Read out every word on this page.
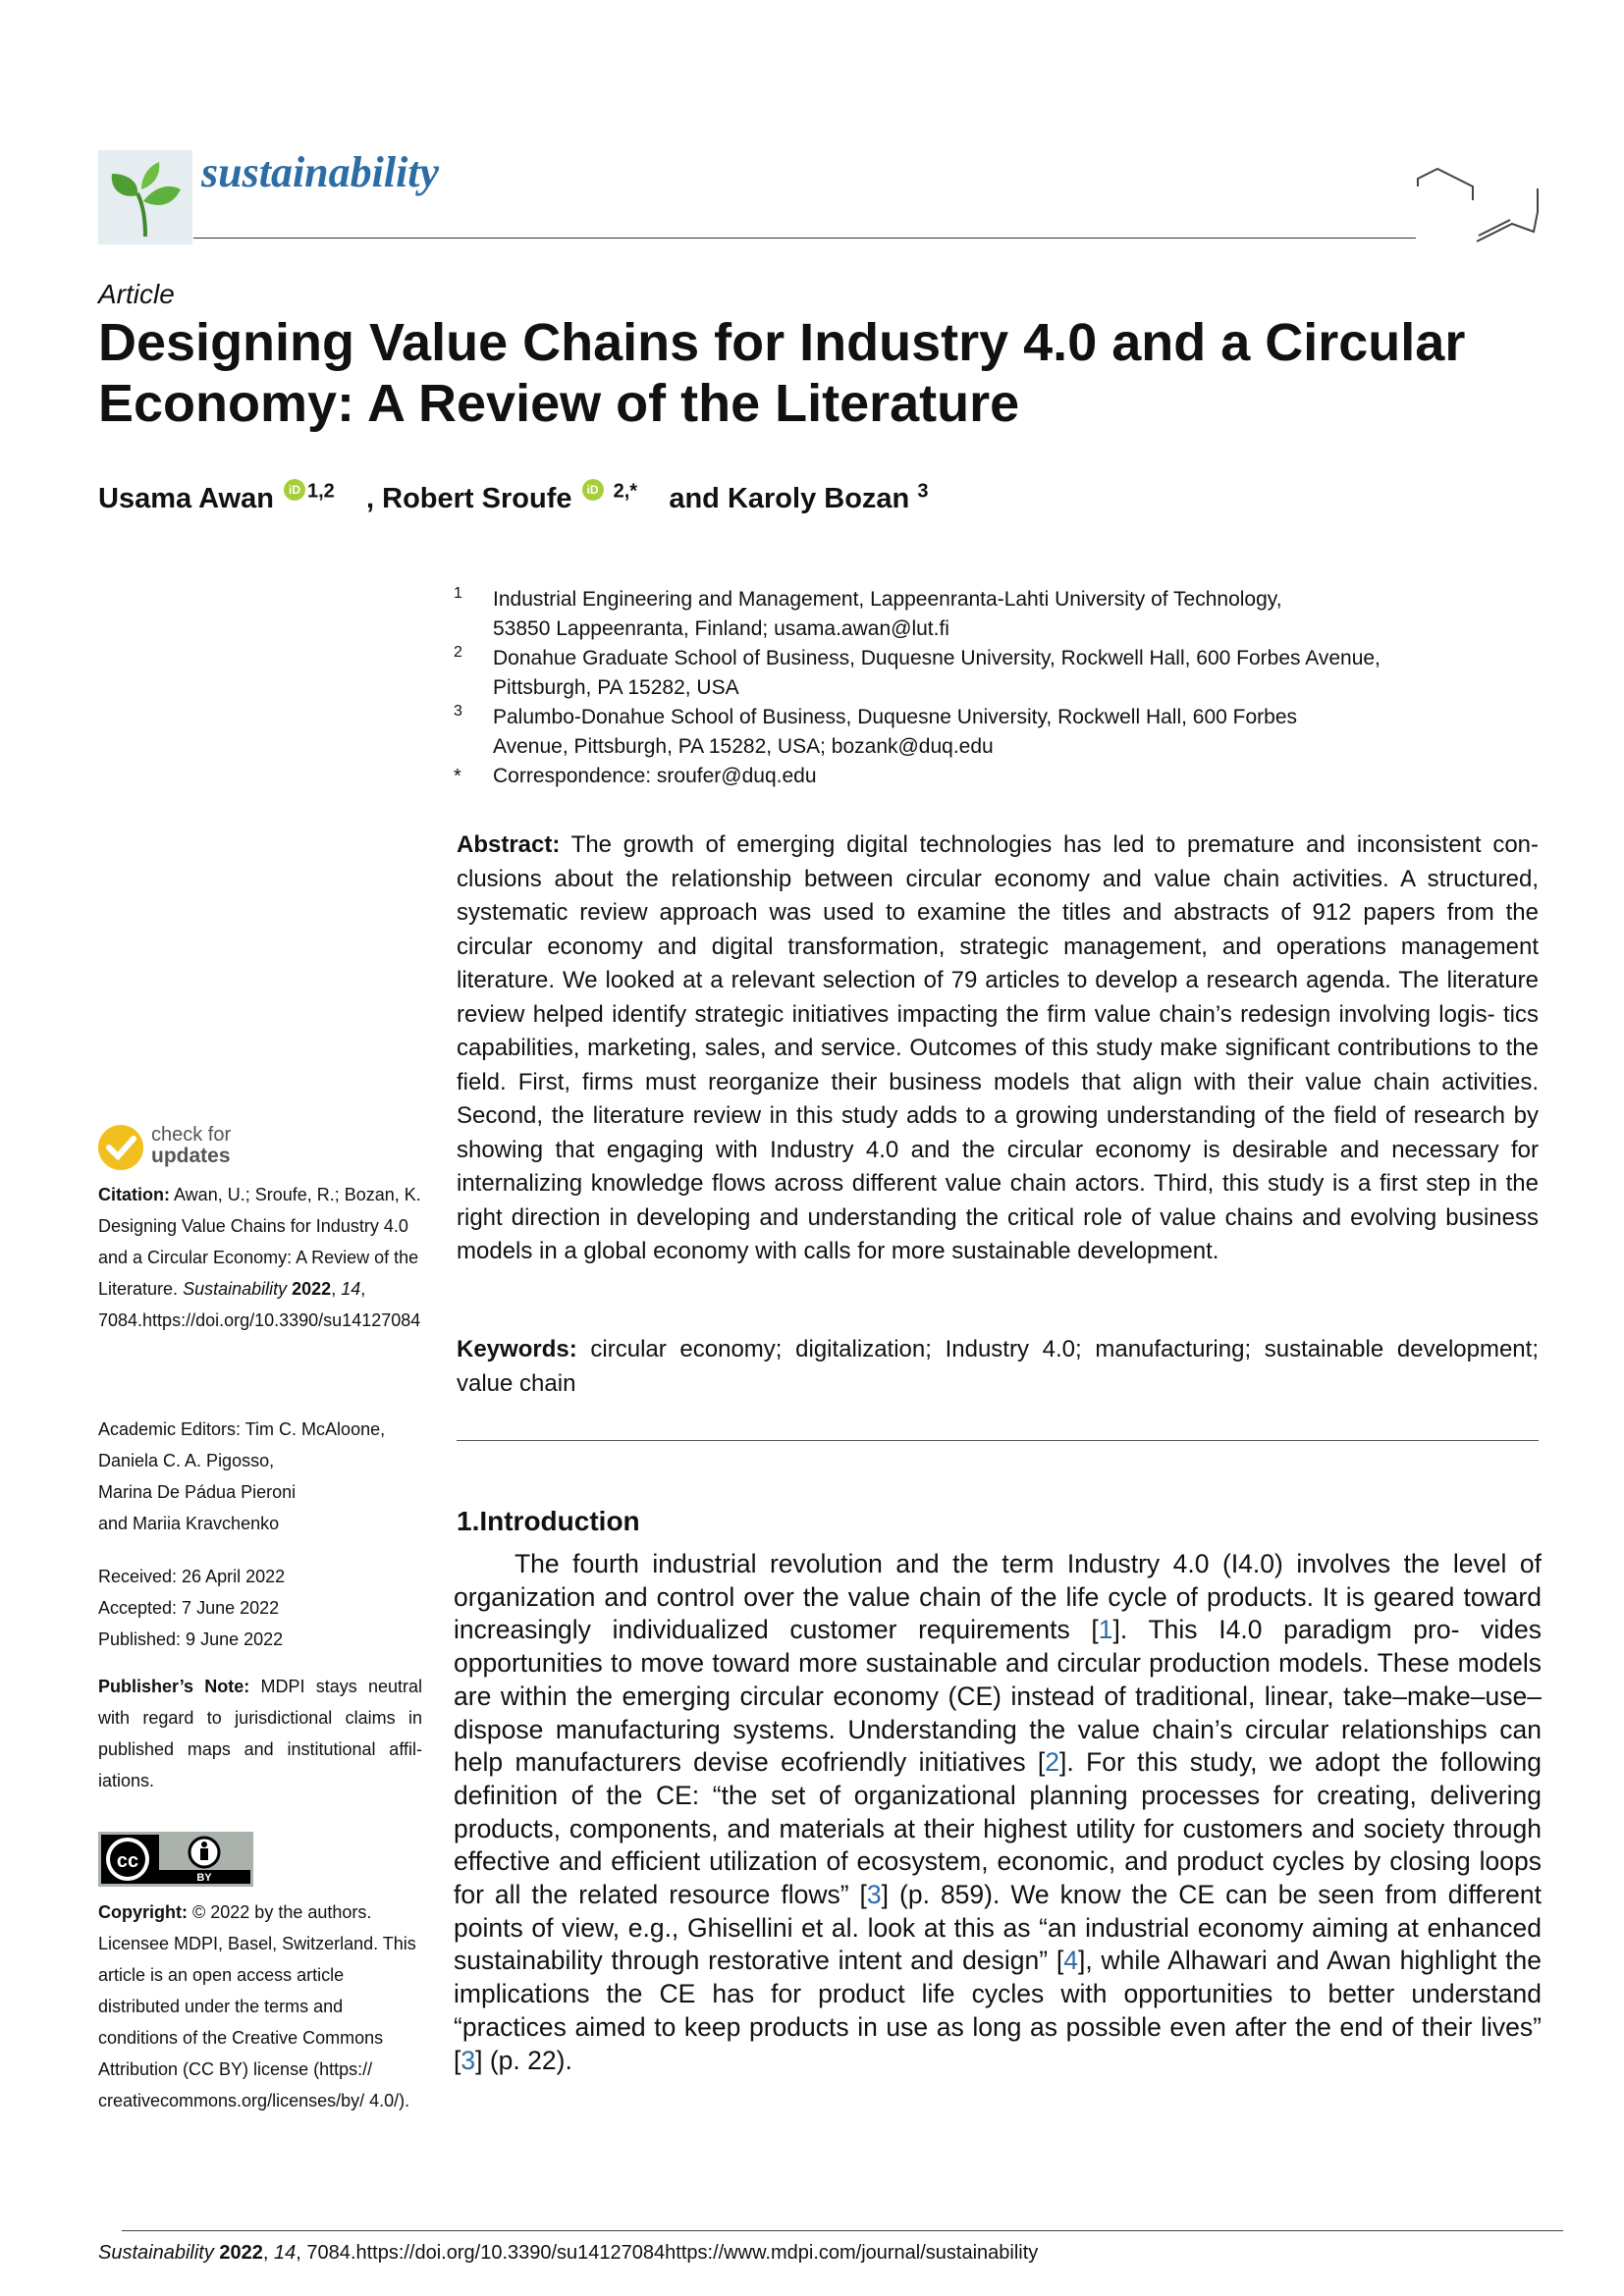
sustainability
Article
Designing Value Chains for Industry 4.0 and a Circular Economy: A Review of the Literature
Usama Awan iD $^{1,2}$ , Robert Sroufe iD $^{2,*}$ and Karoly Bozan $^3$
1 Industrial Engineering and Management, Lappeenranta-Lahti University of Technology,
53850 Lappeenranta, Finland; usama.awan@lut.fi
2 Donahue Graduate School of Business, Duquesne University, Rockwell Hall, 600 Forbes Avenue,
Pittsburgh, PA 15282, USA
3 Palumbo-Donahue School of Business, Duquesne University, Rockwell Hall, 600 Forbes
Avenue, Pittsburgh, PA 15282, USA; bozank@duq.edu
* Correspondence: sroufer@duq.edu

Abstract: The growth of emerging digital technologies has led to premature and inconsistent con- clusions about the relationship between circular economy and value chain activities. A structured, systematic review approach was used to examine the titles and abstracts of 912 papers from the circular economy and digital transformation, strategic management, and operations management literature. We looked at a relevant selection of 79 articles to develop a research agenda. The literature review helped identify strategic initiatives impacting the firm value chain’s redesign involving logis- tics capabilities, marketing, sales, and service. Outcomes of this study make significant contributions to the field. First, firms must reorganize their business models that align with their value chain activities. Second, the literature review in this study adds to a growing understanding of the field of research by showing that engaging with Industry 4.0 and the circular economy is desirable and necessary for internalizing knowledge flows across different value chain actors. Third, this study is a first step in the right direction in developing and understanding the critical role of value chains and evolving business models in a global economy with calls for more sustainable development.

Keywords: circular economy; digitalization; Industry 4.0; manufacturing; sustainable development; value chain

1.Introduction

The fourth industrial revolution and the term Industry 4.0 (I4.0) involves the level of organization and control over the value chain of the life cycle of products. It is geared toward increasingly individualized customer requirements [1]. This I4.0 paradigm pro- vides opportunities to move toward more sustainable and circular production models. These models are within the emerging circular economy (CE) instead of traditional, linear, take–make–use–dispose manufacturing systems. Understanding the value chain’s circular relationships can help manufacturers devise ecofriendly initiatives [2]. For this study, we adopt the following definition of the CE: “the set of organizational planning processes for creating, delivering products, components, and materials at their highest utility for customers and society through effective and efficient utilization of ecosystem, economic, and product cycles by closing loops for all the related resource flows” [3] (p. 859). We know the CE can be seen from different points of view, e.g., Ghisellini et al. look at this as “an industrial economy aiming at enhanced sustainability through restorative intent and design” [4], while Alhawari and Awan highlight the implications the CE has for product life cycles with opportunities to better understand “practices aimed to keep products in use as long as possible even after the end of their lives” [3] (p. 22).

check for
updates
Citation: Awan, U.; Sroufe, R.; Bozan, K. Designing Value Chains for Industry 4.0 and a Circular Economy: A Review of the Literature. Sustainability 2022, 14, 7084.https://doi.org/10.3390/su14127084
Academic Editors: Tim C. McAloone,
Daniela C. A. Pigosso,
Marina De Pádua Pieroni
and Mariia Kravchenko
Received: 26 April 2022
Accepted: 7 June 2022
Published: 9 June 2022
Publisher’s Note: MDPI stays neutral with regard to jurisdictional claims in published maps and institutional affil- iations.
cc
BY
Copyright: © 2022 by the authors. Licensee MDPI, Basel, Switzerland. This article is an open access article distributed under the terms and conditions of the Creative Commons Attribution (CC BY) license (https:// creativecommons.org/licenses/by/ 4.0/).
Sustainability 2022, 14, 7084.https://doi.org/10.3390/su14127084https://www.mdpi.com/journal/sustainability
